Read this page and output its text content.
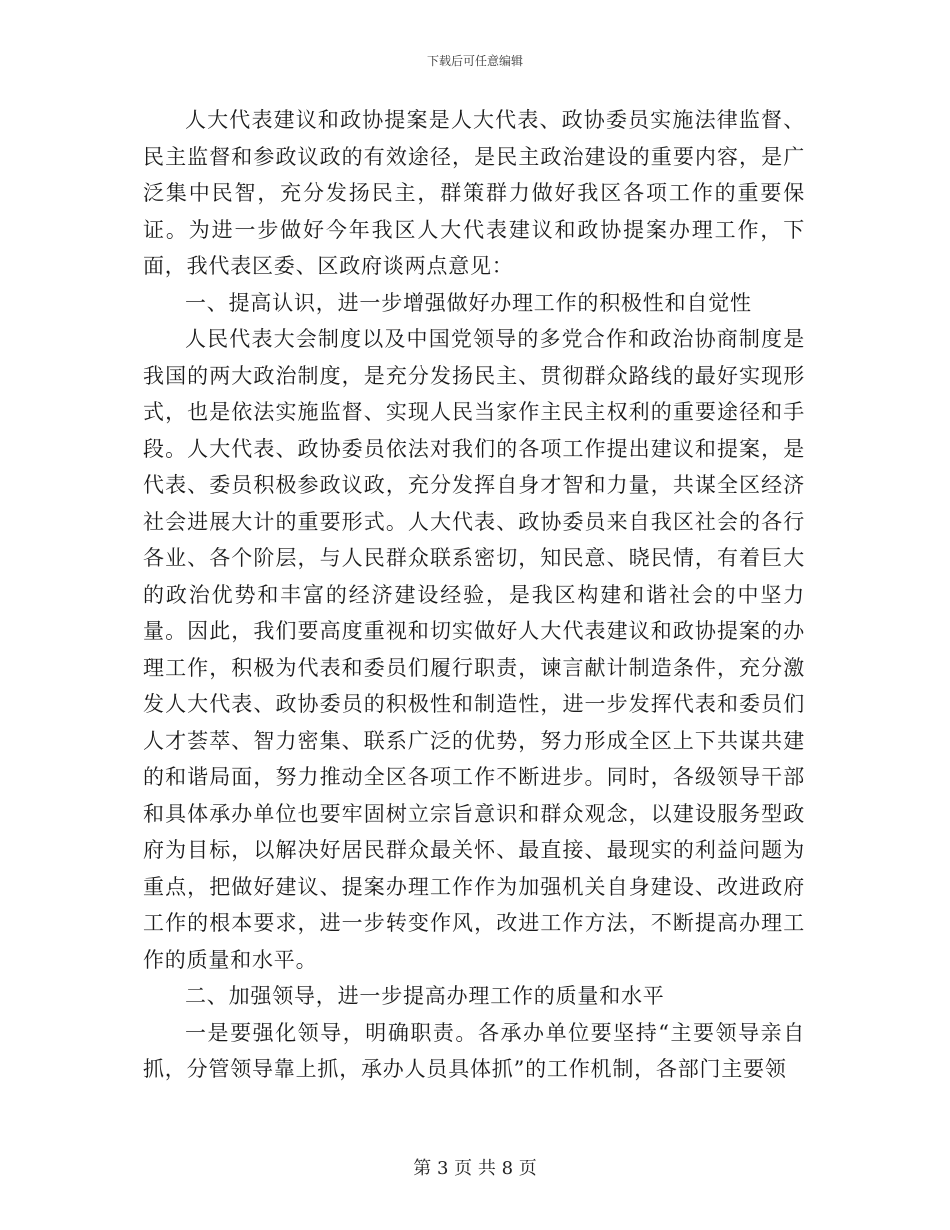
下载后可任意编辑

人大代表建议和政协提案是人大代表、政协委员实施法律监督、民主监督和参政议政的有效途径，是民主政治建设的重要内容，是广泛集中民智，充分发扬民主，群策群力做好我区各项工作的重要保证。为进一步做好今年我区人大代表建议和政协提案办理工作，下面，我代表区委、区政府谈两点意见：

一、提高认识，进一步增强做好办理工作的积极性和自觉性

人民代表大会制度以及中国党领导的多党合作和政治协商制度是我国的两大政治制度，是充分发扬民主、贯彻群众路线的最好实现形式，也是依法实施监督、实现人民当家作主民主权利的重要途径和手段。人大代表、政协委员依法对我们的各项工作提出建议和提案，是代表、委员积极参政议政，充分发挥自身才智和力量，共谋全区经济社会进展大计的重要形式。人大代表、政协委员来自我区社会的各行各业、各个阶层，与人民群众联系密切，知民意、晓民情，有着巨大的政治优势和丰富的经济建设经验，是我区构建和谐社会的中坚力量。因此，我们要高度重视和切实做好人大代表建议和政协提案的办理工作，积极为代表和委员们履行职责，谏言献计制造条件，充分激发人大代表、政协委员的积极性和制造性，进一步发挥代表和委员们人才荟萃、智力密集、联系广泛的优势，努力形成全区上下共谋共建的和谐局面，努力推动全区各项工作不断进步。同时，各级领导干部和具体承办单位也要牢固树立宗旨意识和群众观念，以建设服务型政府为目标，以解决好居民群众最关怀、最直接、最现实的利益问题为重点，把做好建议、提案办理工作作为加强机关自身建设、改进政府工作的根本要求，进一步转变作风，改进工作方法，不断提高办理工作的质量和水平。

二、加强领导，进一步提高办理工作的质量和水平

一是要强化领导，明确职责。各承办单位要坚持“主要领导亲自抓，分管领导靠上抓，承办人员具体抓”的工作机制，各部门主要领

第 3 页 共 8 页
